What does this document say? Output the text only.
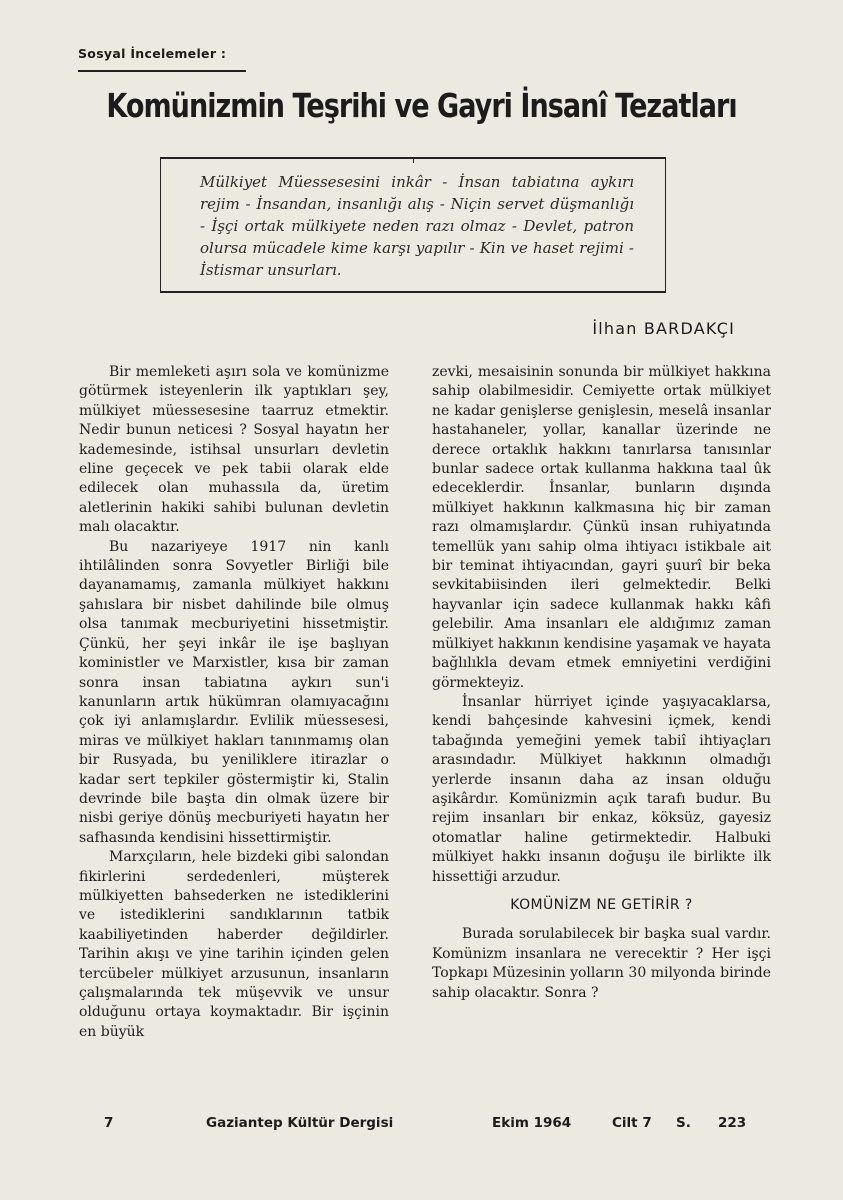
Sosyal İncelemeler :
Komünizmin Teşrihi ve Gayri İnsanî Tezatları
Mülkiyet Müessesesini inkâr - İnsan tabiatına aykırı rejim - İnsandan, insanlığı alış - Niçin servet düşmanlığı - İşçi ortak mülkiyete neden razı olmaz - Devlet, patron olursa mücadele kime karşı yapılır - Kin ve haset rejimi - İstismar unsurları.
İlhan BARDAKÇI

Bir memleketi aşırı sola ve komünizme götürmek isteyenlerin ilk yaptıkları şey, mülkiyet müessesesine taarruz etmektir. Nedir bunun neticesi ? Sosyal hayatın her kademesinde, istihsal unsurları devletin eline geçecek ve pek tabii olarak elde edilecek olan muhassıla da, üretim aletlerinin hakiki sahibi bulunan devletin malı olacaktır.

Bu nazariyeye 1917 nin kanlı ihtilâlinden sonra Sovyetler Birliği bile dayanamamış, zamanla mülkiyet hakkını şahıslara bir nisbet dahilinde bile olmuş olsa tanımak mecburiyetini hissetmiştir. Çünkü, her şeyi inkâr ile işe başlıyan koministler ve Marxistler, kısa bir zaman sonra insan tabiatına aykırı sun'i kanunların artık hükümran olamıyacağını çok iyi anlamışlardır. Evlilik müessesesi, miras ve mülkiyet hakları tanınmamış olan bir Rusyada, bu yeniliklere itirazlar o kadar sert tepkiler göstermiştir ki, Stalin devrinde bile başta din olmak üzere bir nisbi geriye dönüş mecburiyeti hayatın her safhasında kendisini hissettirmiştir.

Marxçıların, hele bizdeki gibi salondan fikirlerini serdedenleri, müşterek mülkiyetten bahsederken ne istediklerini ve istediklerini sandıklarının tatbik kaabiliyetinden haberder değildirler. Tarihin akışı ve yine tarihin içinden gelen tercübeler mülkiyet arzusunun, insanların çalışmalarında tek müşevvik ve unsur olduğunu ortaya koymaktadır. Bir işçinin en büyük

zevki, mesaisinin sonunda bir mülkiyet hakkına sahip olabilmesidir. Cemiyette ortak mülkiyet ne kadar genişlerse genişlesin, meselâ insanlar hastahaneler, yollar, kanallar üzerinde ne derece ortaklık hakkını tanırlarsa tanısınlar bunlar sadece ortak kullanma hakkına taal ûk edeceklerdir. İnsanlar, bunların dışında mülkiyet hakkının kalkmasına hiç bir zaman razı olmamışlardır. Çünkü insan ruhiyatında temellük yanı sahip olma ihtiyacı istikbale ait bir teminat ihtiyacından, gayri şuurî bir beka sevkitabiisinden ileri gelmektedir. Belki hayvanlar için sadece kullanmak hakkı kâfi gelebilir. Ama insanları ele aldığımız zaman mülkiyet hakkının kendisine yaşamak ve hayata bağlılıkla devam etmek emniyetini verdiğini görmekteyiz.

İnsanlar hürriyet içinde yaşıyacaklarsa, kendi bahçesinde kahvesini içmek, kendi tabağında yemeğini yemek tabiî ihtiyaçları arasındadır. Mülkiyet hakkının olmadığı yerlerde insanın daha az insan olduğu aşikârdır. Komünizmin açık tarafı budur. Bu rejim insanları bir enkaz, köksüz, gayesiz otomatlar haline getirmektedir. Halbuki mülkiyet hakkı insanın doğuşu ile birlikte ilk hissettiği arzudur.

KOMÜNİZM NE GETİRİR ?

Burada sorulabilecek bir başka sual vardır. Komünizm insanlara ne verecektir ? Her işçi Topkapı Müzesinin yolların 30 milyonda birinde sahip olacaktır. Sonra ?

7	Gaziantep Kültür Dergisi	Ekim 1964	Cilt 7 S. 223
